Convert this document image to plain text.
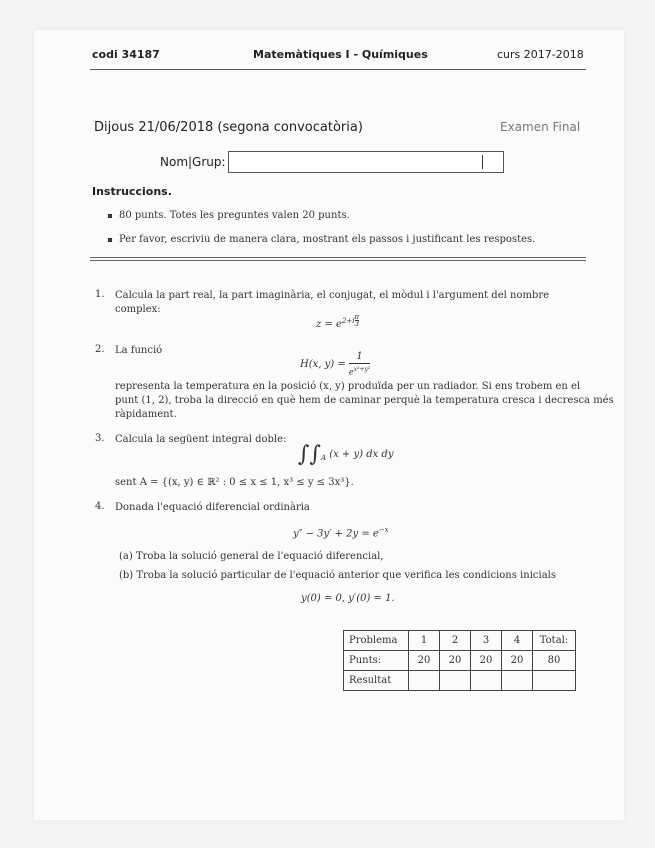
codi 34187	Matemàtiques I - Químiques	curs 2017-2018
Dijous 21/06/2018 (segona convocatòria)	Examen Final
Nom|Grup:
Instruccions.
80 punts. Totes les preguntes valen 20 punts.
Per favor, escriviu de manera clara, mostrant els passos i justificant les respostes.
1. Calcula la part real, la part imaginària, el conjugat, el mòdul i l'argument del nombre complex:
$z = e^{2+i \frac{\pi}{3}}$
2. La funció
H(x, $y) = \frac{1}{e^{x^2+y^2}}$
representa la temperatura en la posició (x, y) produïda per un radiador. Si ens trobem en el
punt (1, 2), troba la direcció en què hem de caminar perquè la temperatura cresca i decresca més
ràpidament.
3. Calcula la següent integral doble:
$\int\int_A$ (x + y) dx dy
sent A = {(x, y) ∈ ℝ² : 0 ≤ x ≤ 1, x³ ≤ y ≤ 3x³}.
4. Donada l'equació diferencial ordinària
$y'' - 3y' + 2y = e^{-x}$
(a) Troba la solució general de l'equació diferencial,
(b) Troba la solució particular de l'equació anterior que verifica les condicions inicials
y(0) = 0, y′(0) = 1.
Problema	1	2	3	4	Total:
Punts:	20	20	20	20	80
Resultat					
